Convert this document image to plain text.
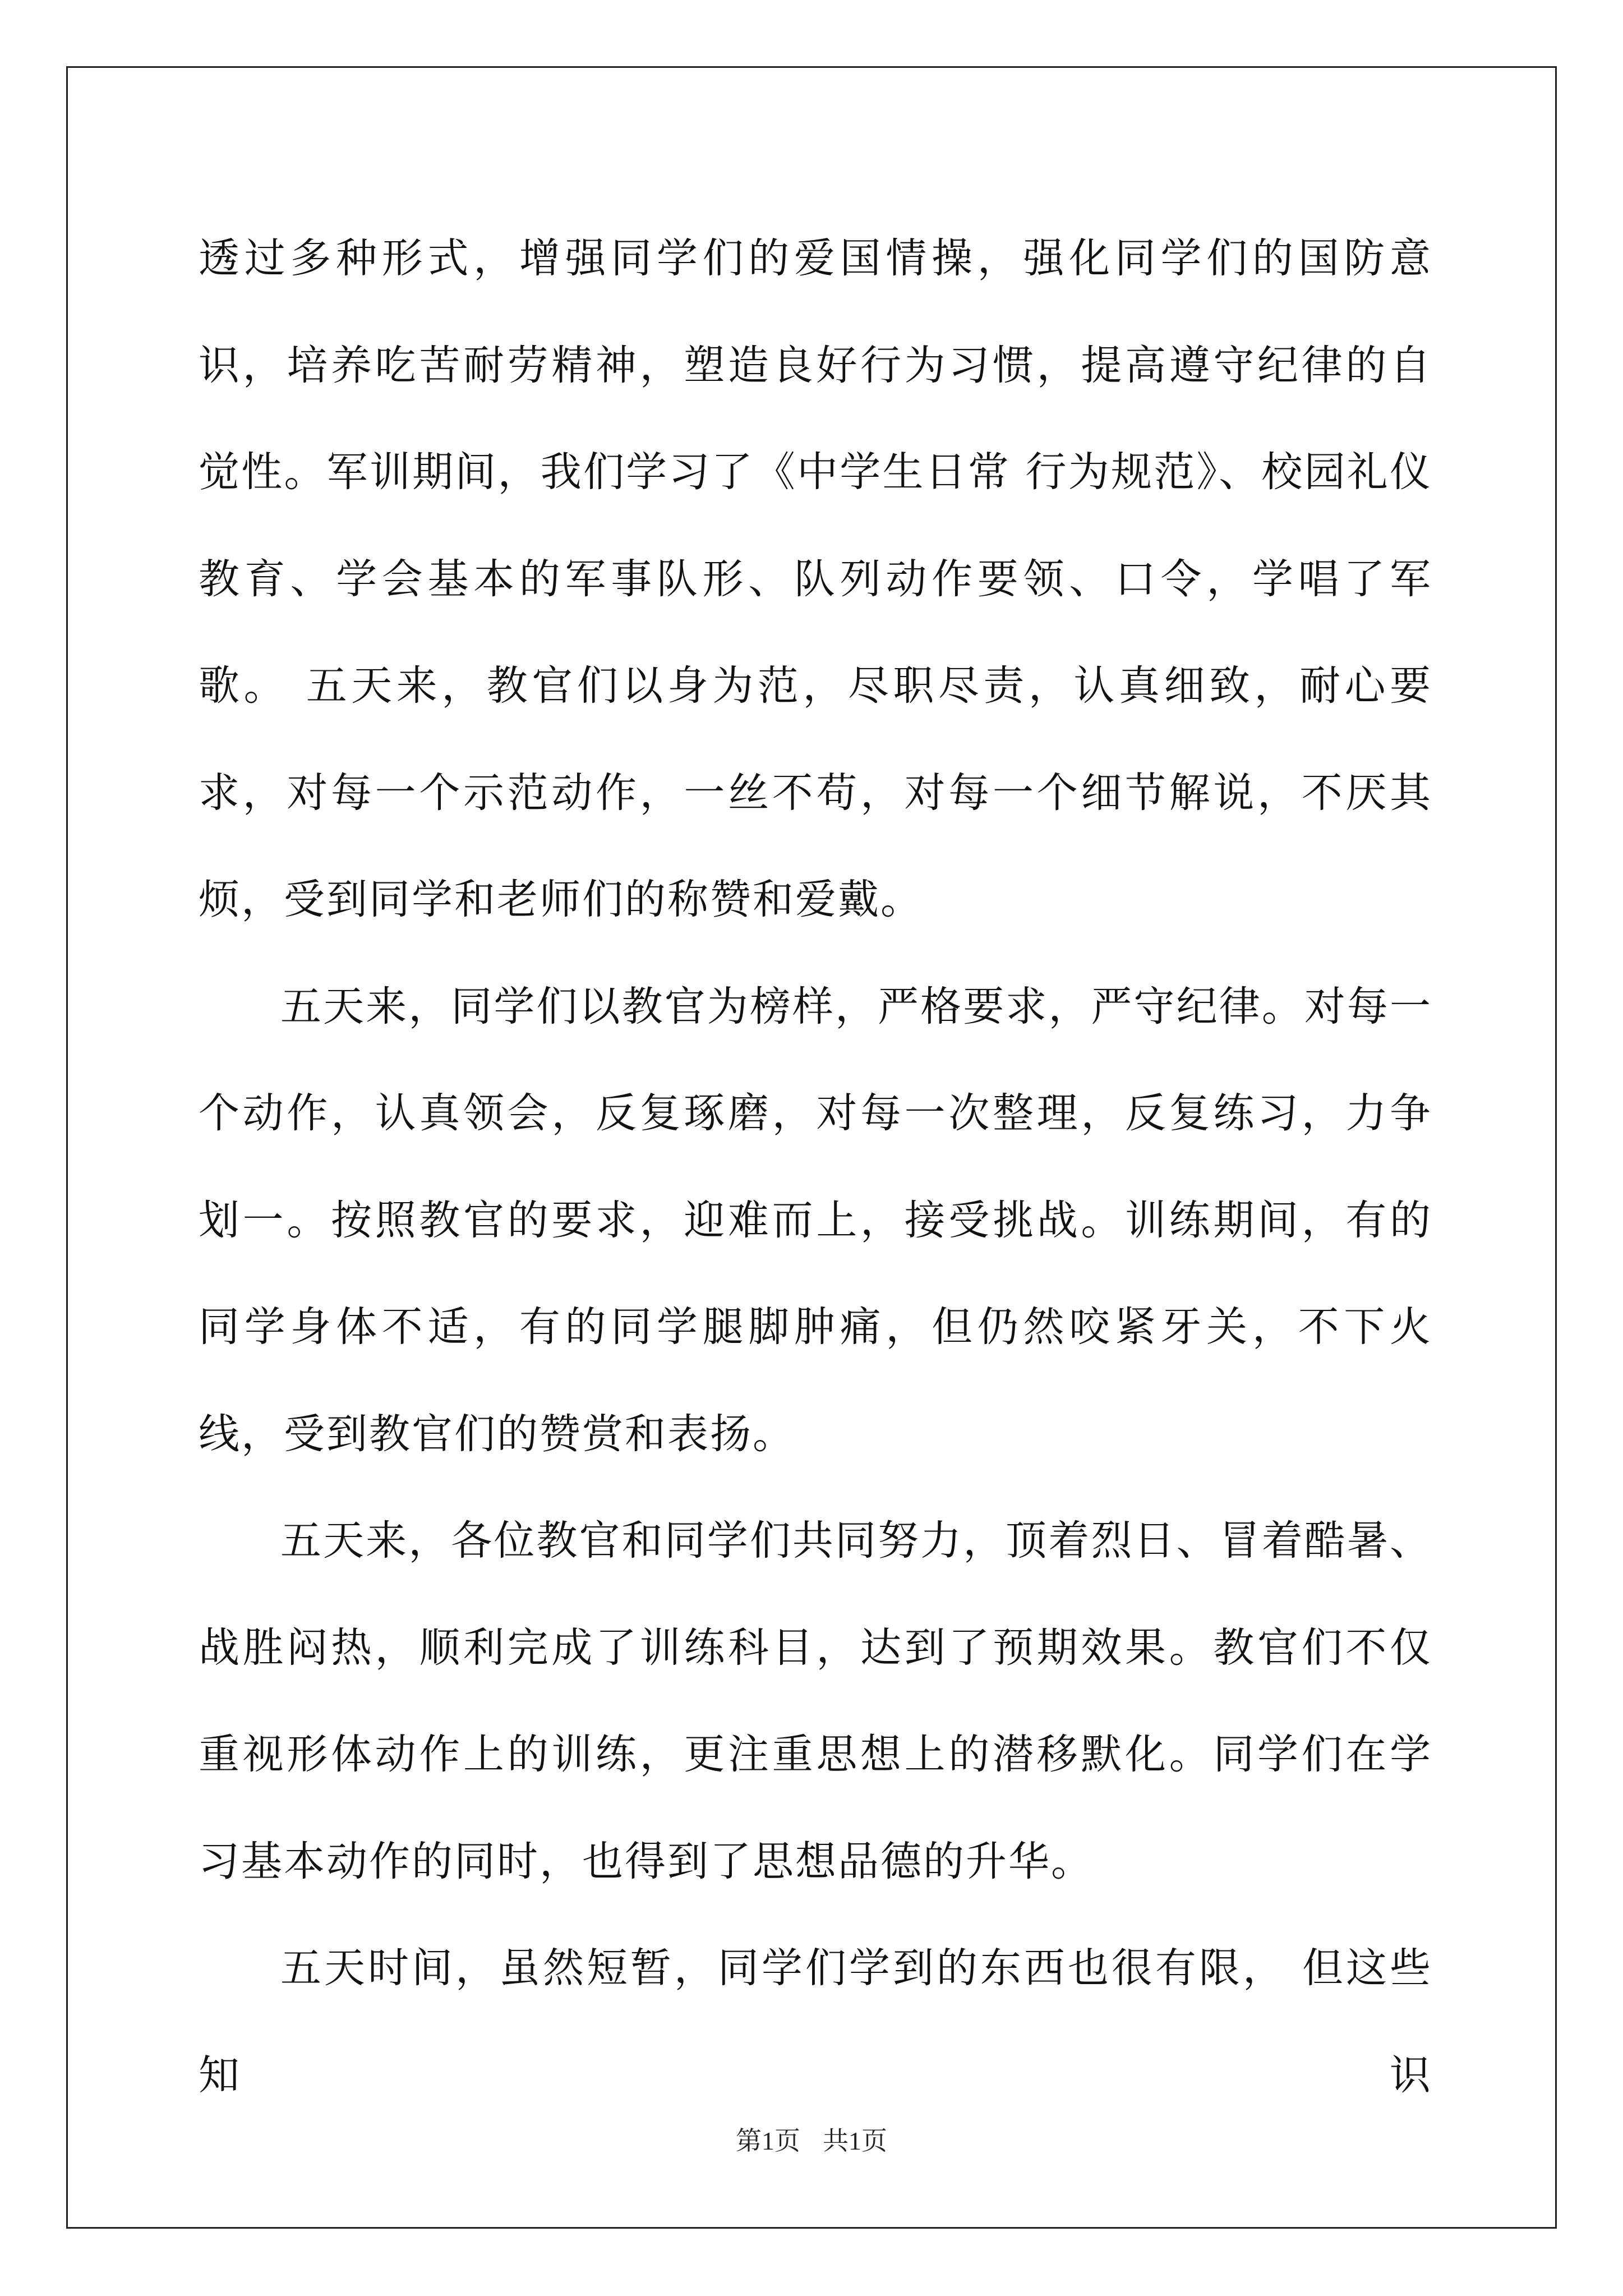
透过多种形式，增强同学们的爱国情操，强化同学们的国防意识，培养吃苦耐劳精神，塑造良好行为习惯，提高遵守纪律的自觉性。军训期间，我们学习了《中学生日常 行为规范》、校园礼仪教育、学会基本的军事队形、队列动作要领、口令，学唱了军歌。 五天来，教官们以身为范，尽职尽责，认真细致，耐心要求，对每一个示范动作，一丝不苟，对每一个细节解说，不厌其烦，受到同学和老师们的称赞和爱戴。

五天来，同学们以教官为榜样，严格要求，严守纪律。对每一个动作，认真领会，反复琢磨，对每一次整理，反复练习，力争划一。按照教官的要求，迎难而上，接受挑战。训练期间，有的同学身体不适，有的同学腿脚肿痛，但仍然咬紧牙关，不下火线，受到教官们的赞赏和表扬。

五天来，各位教官和同学们共同努力，顶着烈日、冒着酷暑、战胜闷热，顺利完成了训练科目，达到了预期效果。教官们不仅重视形体动作上的训练，更注重思想上的潜移默化。同学们在学习基本动作的同时，也得到了思想品德的升华。

五天时间，虽然短暂，同学们学到的东西也很有限， 但这些知识

第1页 共1页
